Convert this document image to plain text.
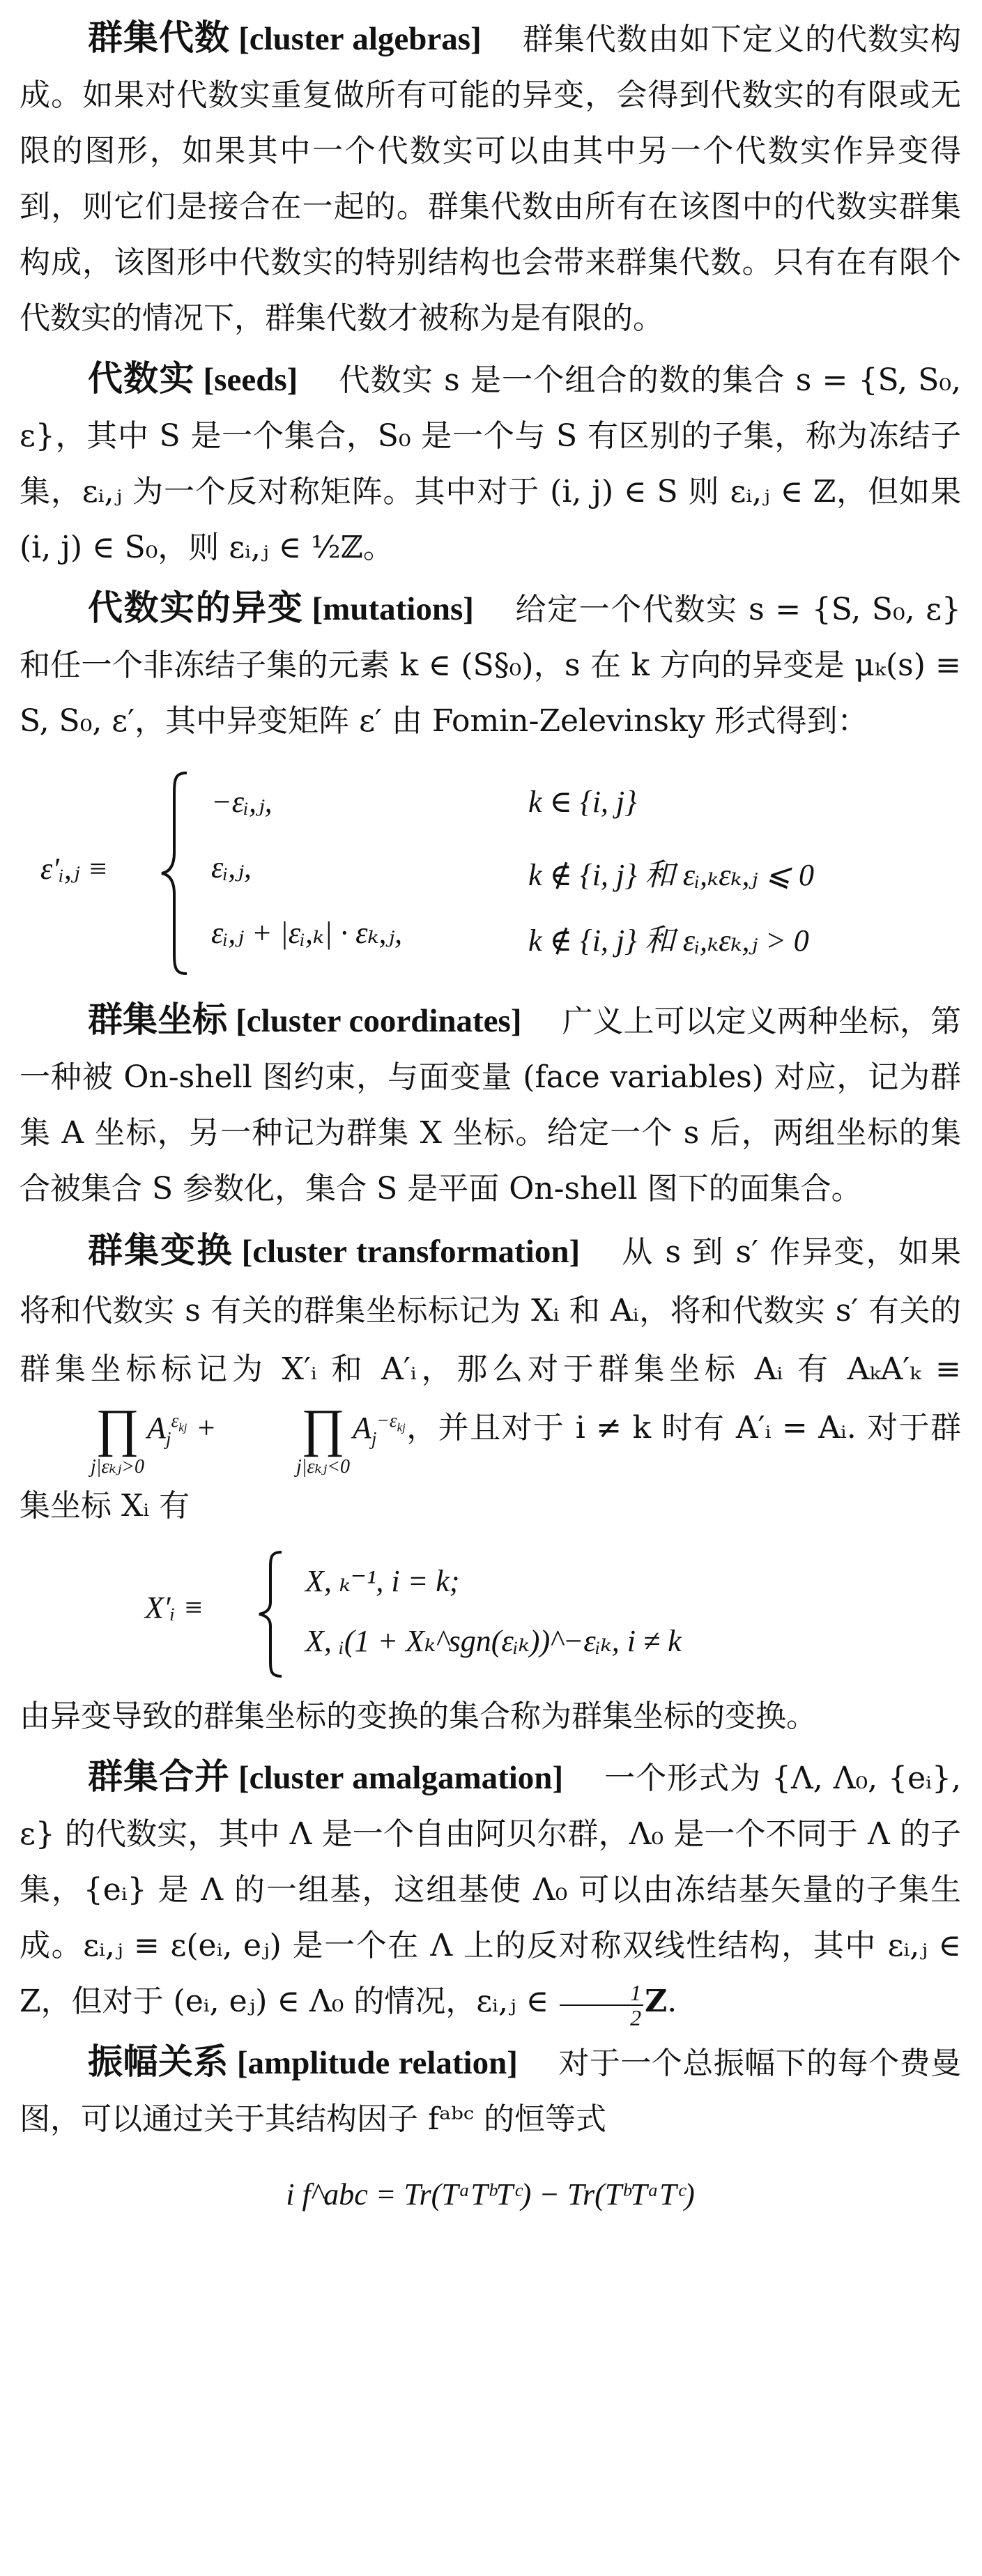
群集代数 [cluster algebras] 群集代数由如下定义的代数实构成。如果对代数实重复做所有可能的异变，会得到代数实的有限或无限的图形，如果其中一个代数实可以由其中另一个代数实作异变得到，则它们是接合在一起的。群集代数由所有在该图中的代数实群集构成，该图形中代数实的特别结构也会带来群集代数。只有在有限个代数实的情况下，群集代数才被称为是有限的。

代数实 [seeds] 代数实 s 是一个组合的数的集合 s = {S, S₀, ε}，其中 S 是一个集合，S₀ 是一个与 S 有区别的子集，称为冻结子集，εᵢ,ⱼ 为一个反对称矩阵。其中对于 (i, j) ∈ S 则 εᵢ,ⱼ ∈ ℤ，但如果 (i, j) ∈ S₀，则 εᵢ,ⱼ ∈ ½ℤ。

代数实的异变 [mutations] 给定一个代数实 s = {S, S₀, ε} 和任一个非冻结子集的元素 k ∈ (S§₀)，s 在 k 方向的异变是 μₖ(s) ≡ S, S₀, ε′，其中异变矩阵 ε′ 由 Fomin-Zelevinsky 形式得到：

ε′ᵢ,ⱼ ≡
−εᵢ,ⱼ,	k ∈ {i, j}
εᵢ,ⱼ,	k ∉ {i, j} 和 εᵢ,ₖεₖ,ⱼ ⩽ 0
εᵢ,ⱼ + |εᵢ,ₖ| · εₖ,ⱼ,	k ∉ {i, j} 和 εᵢ,ₖεₖ,ⱼ > 0

群集坐标 [cluster coordinates] 广义上可以定义两种坐标，第一种被 On-shell 图约束，与面变量 (face variables) 对应，记为群集 A 坐标，另一种记为群集 X 坐标。给定一个 s 后，两组坐标的集合被集合 S 参数化，集合 S 是平面 On-shell 图下的面集合。

群集变换 [cluster transformation] 从 s 到 s′ 作异变，如果将和代数实 s 有关的群集坐标标记为 Xᵢ 和 Aᵢ，将和代数实 s′ 有关的群集坐标标记为 X′ᵢ 和 A′ᵢ，那么对于群集坐标 Aᵢ 有 AₖA′ₖ ≡
∏
j|εₖⱼ>0
$A_j^{\varepsilon_{kj}}$ +	∏
j|εₖⱼ<0
$A_j^{-\varepsilon_{kj}}$，并且对于 i ≠ k 时有 A′ᵢ = Aᵢ. 对于群集坐标 Xᵢ 有

X′ᵢ ≡
X, ₖ⁻¹, i = k;
X, ᵢ(1 + Xₖ^sgn(εᵢₖ))^−εᵢₖ, i ≠ k

由异变导致的群集坐标的变换的集合称为群集坐标的变换。

群集合并 [cluster amalgamation] 一个形式为 {Λ, Λ₀, {eᵢ}, ε} 的代数实，其中 Λ 是一个自由阿贝尔群，Λ₀ 是一个不同于 Λ 的子集，{eᵢ} 是 Λ 的一组基，这组基使 Λ₀ 可以由冻结基矢量的子集生成。εᵢ,ⱼ ≡ ε(eᵢ, eⱼ) 是一个在 Λ 上的反对称双线性结构，其中 εᵢ,ⱼ ∈ Z，但对于 (eᵢ, eⱼ) ∈ Λ₀ 的情况，εᵢ,ⱼ ∈ $\frac{1}{2} Z$.

振幅关系 [amplitude relation] 对于一个总振幅下的每个费曼图，可以通过关于其结构因子 fᵃᵇᶜ 的恒等式

i f^abc = Tr(TᵃTᵇTᶜ) − Tr(TᵇTᵃTᶜ)
